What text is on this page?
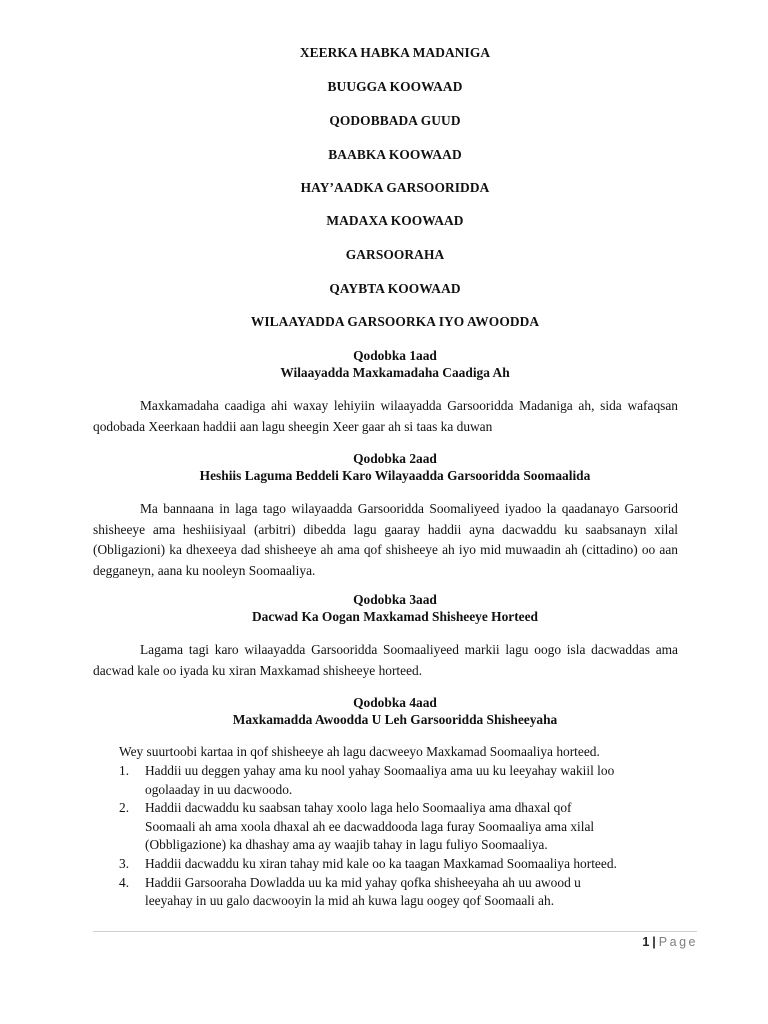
XEERKA HABKA MADANIGA
BUUGGA KOOWAAD
QODOBBADA GUUD
BAABKA KOOWAAD
HAY’AADKA GARSOORIDDA
MADAXA KOOWAAD
GARSOORAHA
QAYBTA KOOWAAD
WILAAYADDA GARSOORKA IYO AWOODDA
Qodobka 1aad
Wilaayadda Maxkamadaha Caadiga Ah

Maxkamadaha caadiga ahi waxay lehiyiin wilaayadda Garsooridda Madaniga ah, sida wafaqsan qodobada Xeerkaan haddii aan lagu sheegin Xeer gaar ah si taas ka duwan

Qodobka 2aad
Heshiis Laguma Beddeli Karo Wilayaadda Garsooridda Soomaalida

Ma bannaana in laga tago wilayaadda Garsooridda Soomaliyeed iyadoo la qaadanayo Garsoorid shisheeye ama heshiisiyaal (arbitri) dibedda lagu gaaray haddii ayna dacwaddu ku saabsanayn xilal (Obligazioni) ka dhexeeya dad shisheeye ah ama qof shisheeye ah iyo mid muwaadin ah (cittadino) oo aan degganeyn, aana ku nooleyn Soomaaliya.

Qodobka 3aad
Dacwad Ka Oogan Maxkamad Shisheeye Horteed

Lagama tagi karo wilaayadda Garsooridda Soomaaliyeed markii lagu oogo isla dacwaddas ama dacwad kale oo iyada ku xiran Maxkamad shisheeye horteed.

Qodobka 4aad
Maxkamadda Awoodda U Leh Garsooridda Shisheeyaha
Wey suurtoobi kartaa in qof shisheeye ah lagu dacweeyo Maxkamad Soomaaliya horteed.
1. Haddii uu deggen yahay ama ku nool yahay Soomaaliya ama uu ku leeyahay wakiil loo
ogolaaday in uu dacwoodo.
2. Haddii dacwaddu ku saabsan tahay xoolo laga helo Soomaaliya ama dhaxal qof
Soomaali ah ama xoola dhaxal ah ee dacwaddooda laga furay Soomaaliya ama xilal
(Obbligazione) ka dhashay ama ay waajib tahay in lagu fuliyo Soomaaliya.
3. Haddii dacwaddu ku xiran tahay mid kale oo ka taagan Maxkamad Soomaaliya horteed.
4. Haddii Garsooraha Dowladda uu ka mid yahay qofka shisheeyaha ah uu awood u
leeyahay in uu galo dacwooyin la mid ah kuwa lagu oogey qof Soomaali ah.
1 | Page
